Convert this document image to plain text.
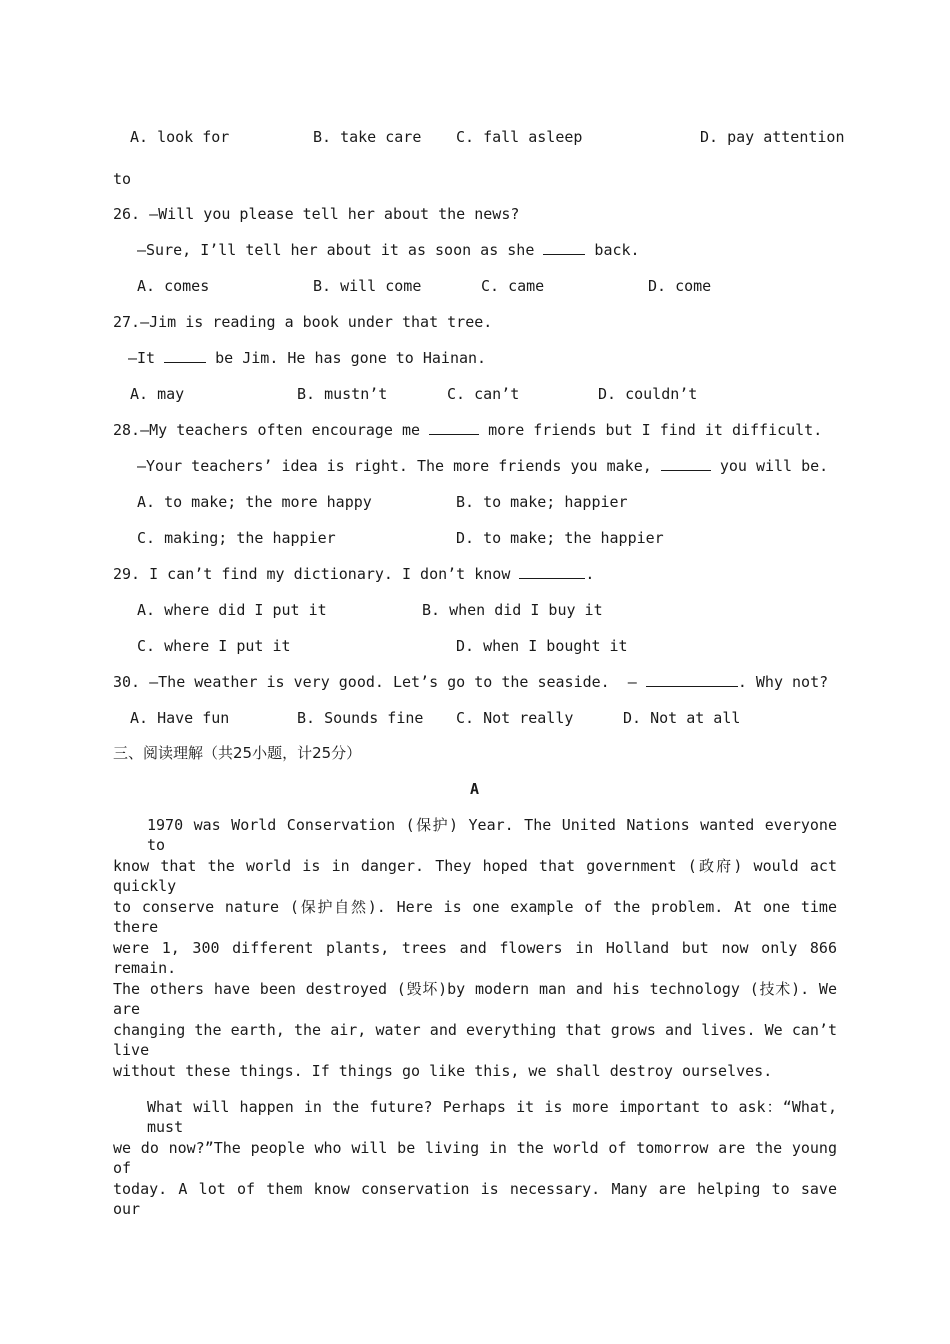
A. look for	B. take care C. fall asleep	D. pay attention
to
26. —Will you please tell her about the news?
—Sure, I’ll tell her about it as soon as she	back.
A. comes	B. will come	C. came	D. come
27.—Jim is reading a book under that tree.
—It	be Jim. He has gone to Hainan.
A. may	B. mustn’t	C. can’t	D. couldn’t
28.—My teachers often encourage me	more friends but I find it difficult.
—Your teachers’ idea is right. The more friends you make,	you will be.
A. to make; the more happy	B. to make; happier
C. making; the happier	D. to make; the happier
29. I can’t find my dictionary. I don’t know	.
A. where did I put it	B. when did I buy it
C. where I put it	D. when I bought it
30. —The weather is very good. Let’s go to the seaside.  —	. Why not?
A. Have fun	B. Sounds fine C. Not really	D. Not at all
三、阅读理解（共25小题，计25分）
A
1970 was World Conservation (保护) Year. The United Nations wanted everyone to
know that the world is in danger. They hoped that government (政府) would act quickly
to conserve nature (保护自然). Here is one example of the problem. At one time there
were 1, 300 different plants, trees and flowers in Holland but now only 866 remain.
The others have been destroyed (毁坏)by modern man and his technology (技术). We are
changing the earth, the air, water and everything that grows and lives. We can’t live
without these things. If things go like this, we shall destroy ourselves.
What will happen in the future? Perhaps it is more important to ask：“What, must
we do now?”The people who will be living in the world of tomorrow are the young of
today. A lot of them know conservation is necessary. Many are helping to save our
